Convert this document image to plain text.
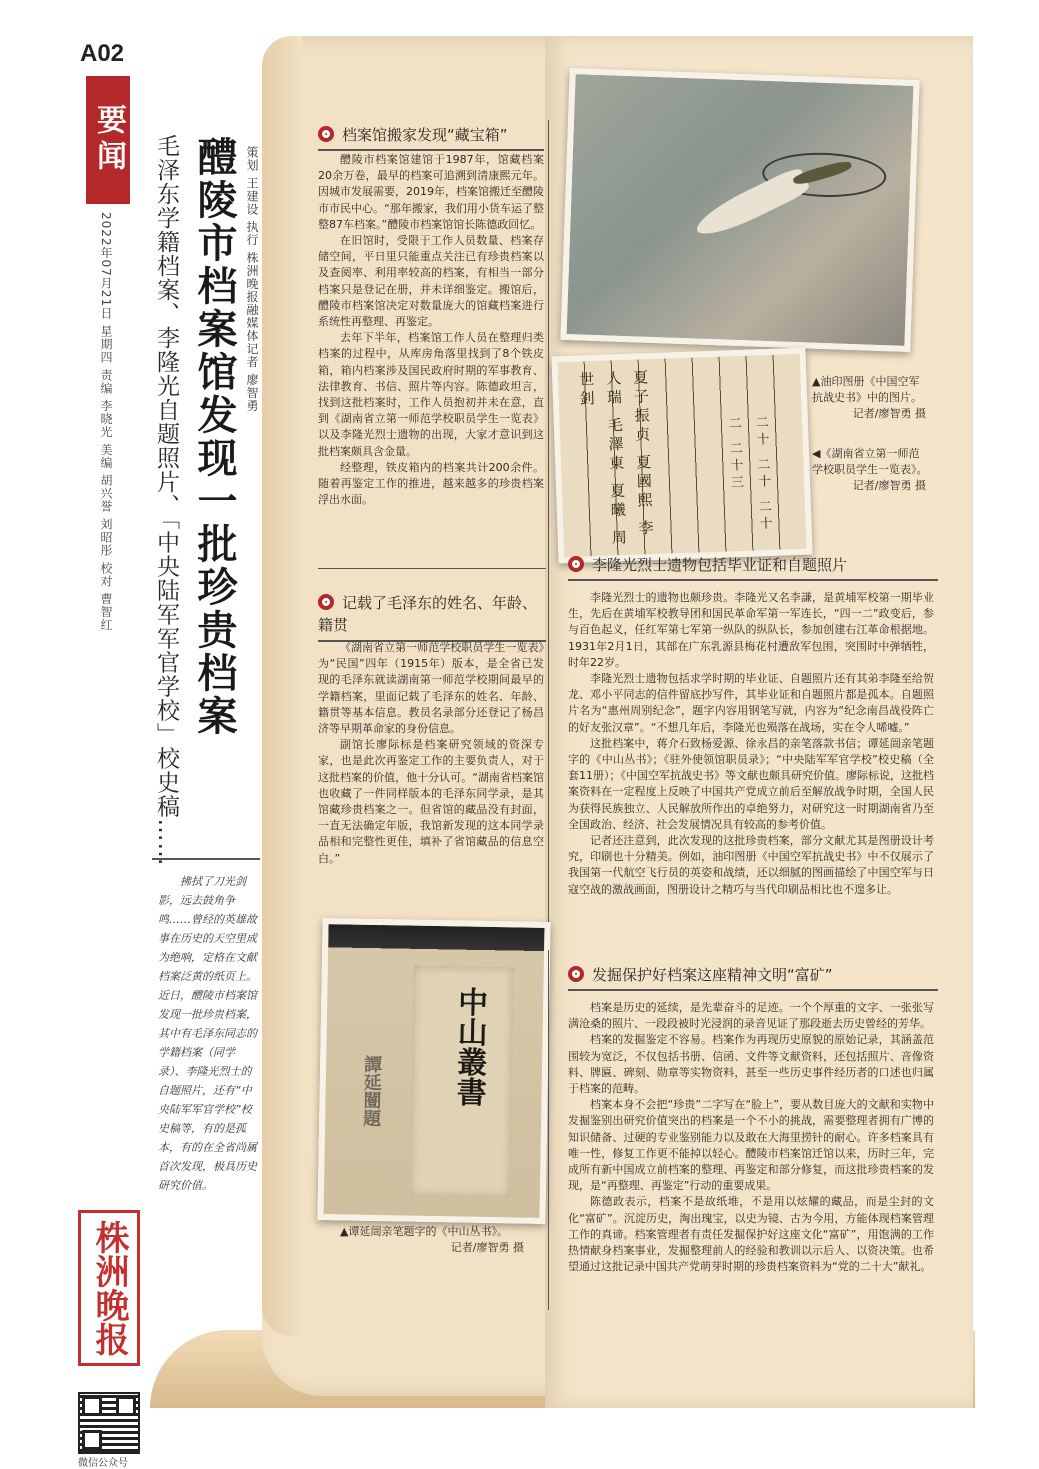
A02
要闻
2022年07月21日 星期四 责编 李晓光 美编 胡兴誉 刘昭彤 校对 曹智红 毛泽东学籍档案、李隆光自题照片、「中央陆军军官学校」校史稿…… 醴陵市档案馆发现一批珍贵档案 策划 王建设 执行 株洲晚报融媒体记者 廖智勇
　　拂拭了刀光剑影，远去鼓角争鸣……曾经的英雄故事在历史的天空里成为绝响，定格在文献档案泛黄的纸页上。近日，醴陵市档案馆发现一批珍贵档案，其中有毛泽东同志的学籍档案（同学录）、李隆光烈士的自题照片，还有“中央陆军军官学校”校史稿等，有的是孤本，有的在全省尚属首次发现，极具历史研究价值。
株洲晚报
微信公众号
档案馆搬家发现“藏宝箱”

醴陵市档案馆建馆于1987年，馆藏档案20余万卷，最早的档案可追溯到清康熙元年。因城市发展需要，2019年，档案馆搬迁至醴陵市市民中心。“那年搬家，我们用小货车运了整整87车档案。”醴陵市档案馆馆长陈德政回忆。

在旧馆时，受限于工作人员数量、档案存储空间，平日里只能重点关注已有珍贵档案以及查阅率、利用率较高的档案，有相当一部分档案只是登记在册，并未详细鉴定。搬馆后，醴陵市档案馆决定对数量庞大的馆藏档案进行系统性再整理、再鉴定。

去年下半年，档案馆工作人员在整理归类档案的过程中，从库房角落里找到了8个铁皮箱，箱内档案涉及国民政府时期的军事教育、法律教育、书信、照片等内容。陈德政坦言，找到这批档案时，工作人员抱初并未在意，直到《湖南省立第一师范学校职员学生一览表》以及李隆光烈士遗物的出现，大家才意识到这批档案颇具含金量。

经整理，铁皮箱内的档案共计200余件。随着再鉴定工作的推进，越来越多的珍贵档案浮出水面。	夏子振贞 夏國熙 李人瑞 毛澤東 夏曦 周世釗
二十 二十 二十二 二十三
▲油印图册《中国空军抗战史书》中的图片。
记者/廖智勇 摄
◀《湖南省立第一师范学校职员学生一览表》。
记者/廖智勇 摄
记载了毛泽东的姓名、年龄、籍贯

《湖南省立第一师范学校职员学生一览表》为“民国”四年（1915年）版本，是全省已发现的毛泽东就读湖南第一师范学校期间最早的学籍档案，里面记载了毛泽东的姓名、年龄、籍贯等基本信息。教员名录部分还登记了杨昌济等早期革命家的身份信息。

副馆长廖际标是档案研究领域的资深专家，也是此次再鉴定工作的主要负责人，对于这批档案的价值，他十分认可。“湖南省档案馆也收藏了一件同样版本的毛泽东同学录，是其馆藏珍贵档案之一。但省馆的藏品没有封面，一直无法确定年版，我馆新发现的这本同学录品相和完整性更佳，填补了省馆藏品的信息空白。”

李隆光烈士遗物包括毕业证和自题照片

李隆光烈士的遗物也颇珍贵。李隆光又名李謙，是黄埔军校第一期毕业生，先后在黄埔军校教导团和国民革命军第一军连长，“四一二”政变后，参与百色起义，任红军第七军第一纵队的纵队长，参加创建右江革命根据地。1931年2月1日，其部在广东乳源县梅花村遭敌军包围，突围时中弹牺牲，时年22岁。

李隆光烈士遗物包括求学时期的毕业证、自题照片还有其弟李隆至给贺龙、邓小平同志的信件留底抄写件，其毕业证和自题照片都是孤本。自题照片名为“惠州周别纪念”，题字内容用钢笔写就，内容为“纪念南昌战役阵亡的好友张汉章”。“不想几年后，李隆光也殒落在战场，实在令人唏嘘。”

这批档案中，蒋介石致杨爱源、徐永昌的亲笔落款书信；谭延闿亲笔题字的《中山丛书》；《驻外使领馆职员录》；“中央陆军军官学校”校史稿（全套11册）；《中国空军抗战史书》等文献也颇具研究价值。廖际标说，这批档案资料在一定程度上反映了中国共产党成立前后至解放战争时期，全国人民为获得民族独立、人民解放所作出的卓绝努力，对研究这一时期湖南省乃至全国政治、经济、社会发展情况具有较高的参考价值。

记者还注意到，此次发现的这批珍贵档案，部分文献尤其是图册设计考究，印刷也十分精美。例如，油印图册《中国空军抗战史书》中不仅展示了我国第一代航空飞行员的英姿和战绩，还以细腻的图画描绘了中国空军与日寇空战的激战画面，图册设计之精巧与当代印刷品相比也不遑多让。

中山叢書
譚延闓題
▲谭延闿亲笔题字的《中山丛书》。
记者/廖智勇 摄
发掘保护好档案这座精神文明“富矿”

档案是历史的延续，是先辈奋斗的足迹。一个个厚重的文字、一张张写满沧桑的照片、一段段被时光浸润的录音见证了那段逝去历史曾经的芳华。

档案的发掘鉴定不容易。档案作为再现历史原貌的原始记录，其涵盖范围较为宽泛，不仅包括书册、信函、文件等文献资料，还包括照片、音像资料、牌匾、碑刻、勋章等实物资料，甚至一些历史事件经历者的口述也归属于档案的范畴。

档案本身不会把“珍贵”二字写在“脸上”，要从数目庞大的文献和实物中发掘鉴别出研究价值突出的档案是一个不小的挑战，需要整理者拥有广博的知识储备、过硬的专业鉴别能力以及敢在大海里捞针的耐心。许多档案具有唯一性，修复工作更不能掉以轻心。醴陵市档案馆迁馆以来，历时三年，完成所有新中国成立前档案的整理、再鉴定和部分修复，而这批珍贵档案的发现，是“再整理、再鉴定”行动的重要成果。

陈德政表示，档案不是故纸堆，不是用以炫耀的藏品，而是尘封的文化“富矿”。沉淀历史，淘出瑰宝，以史为镜、古为今用，方能体现档案管理工作的真谛。档案管理者有责任发掘保护好这座文化“富矿”，用饱满的工作热情献身档案事业，发掘整理前人的经验和教训以示后人、以资决策。也希望通过这批记录中国共产党萌芽时期的珍贵档案资料为“党的二十大”献礼。
